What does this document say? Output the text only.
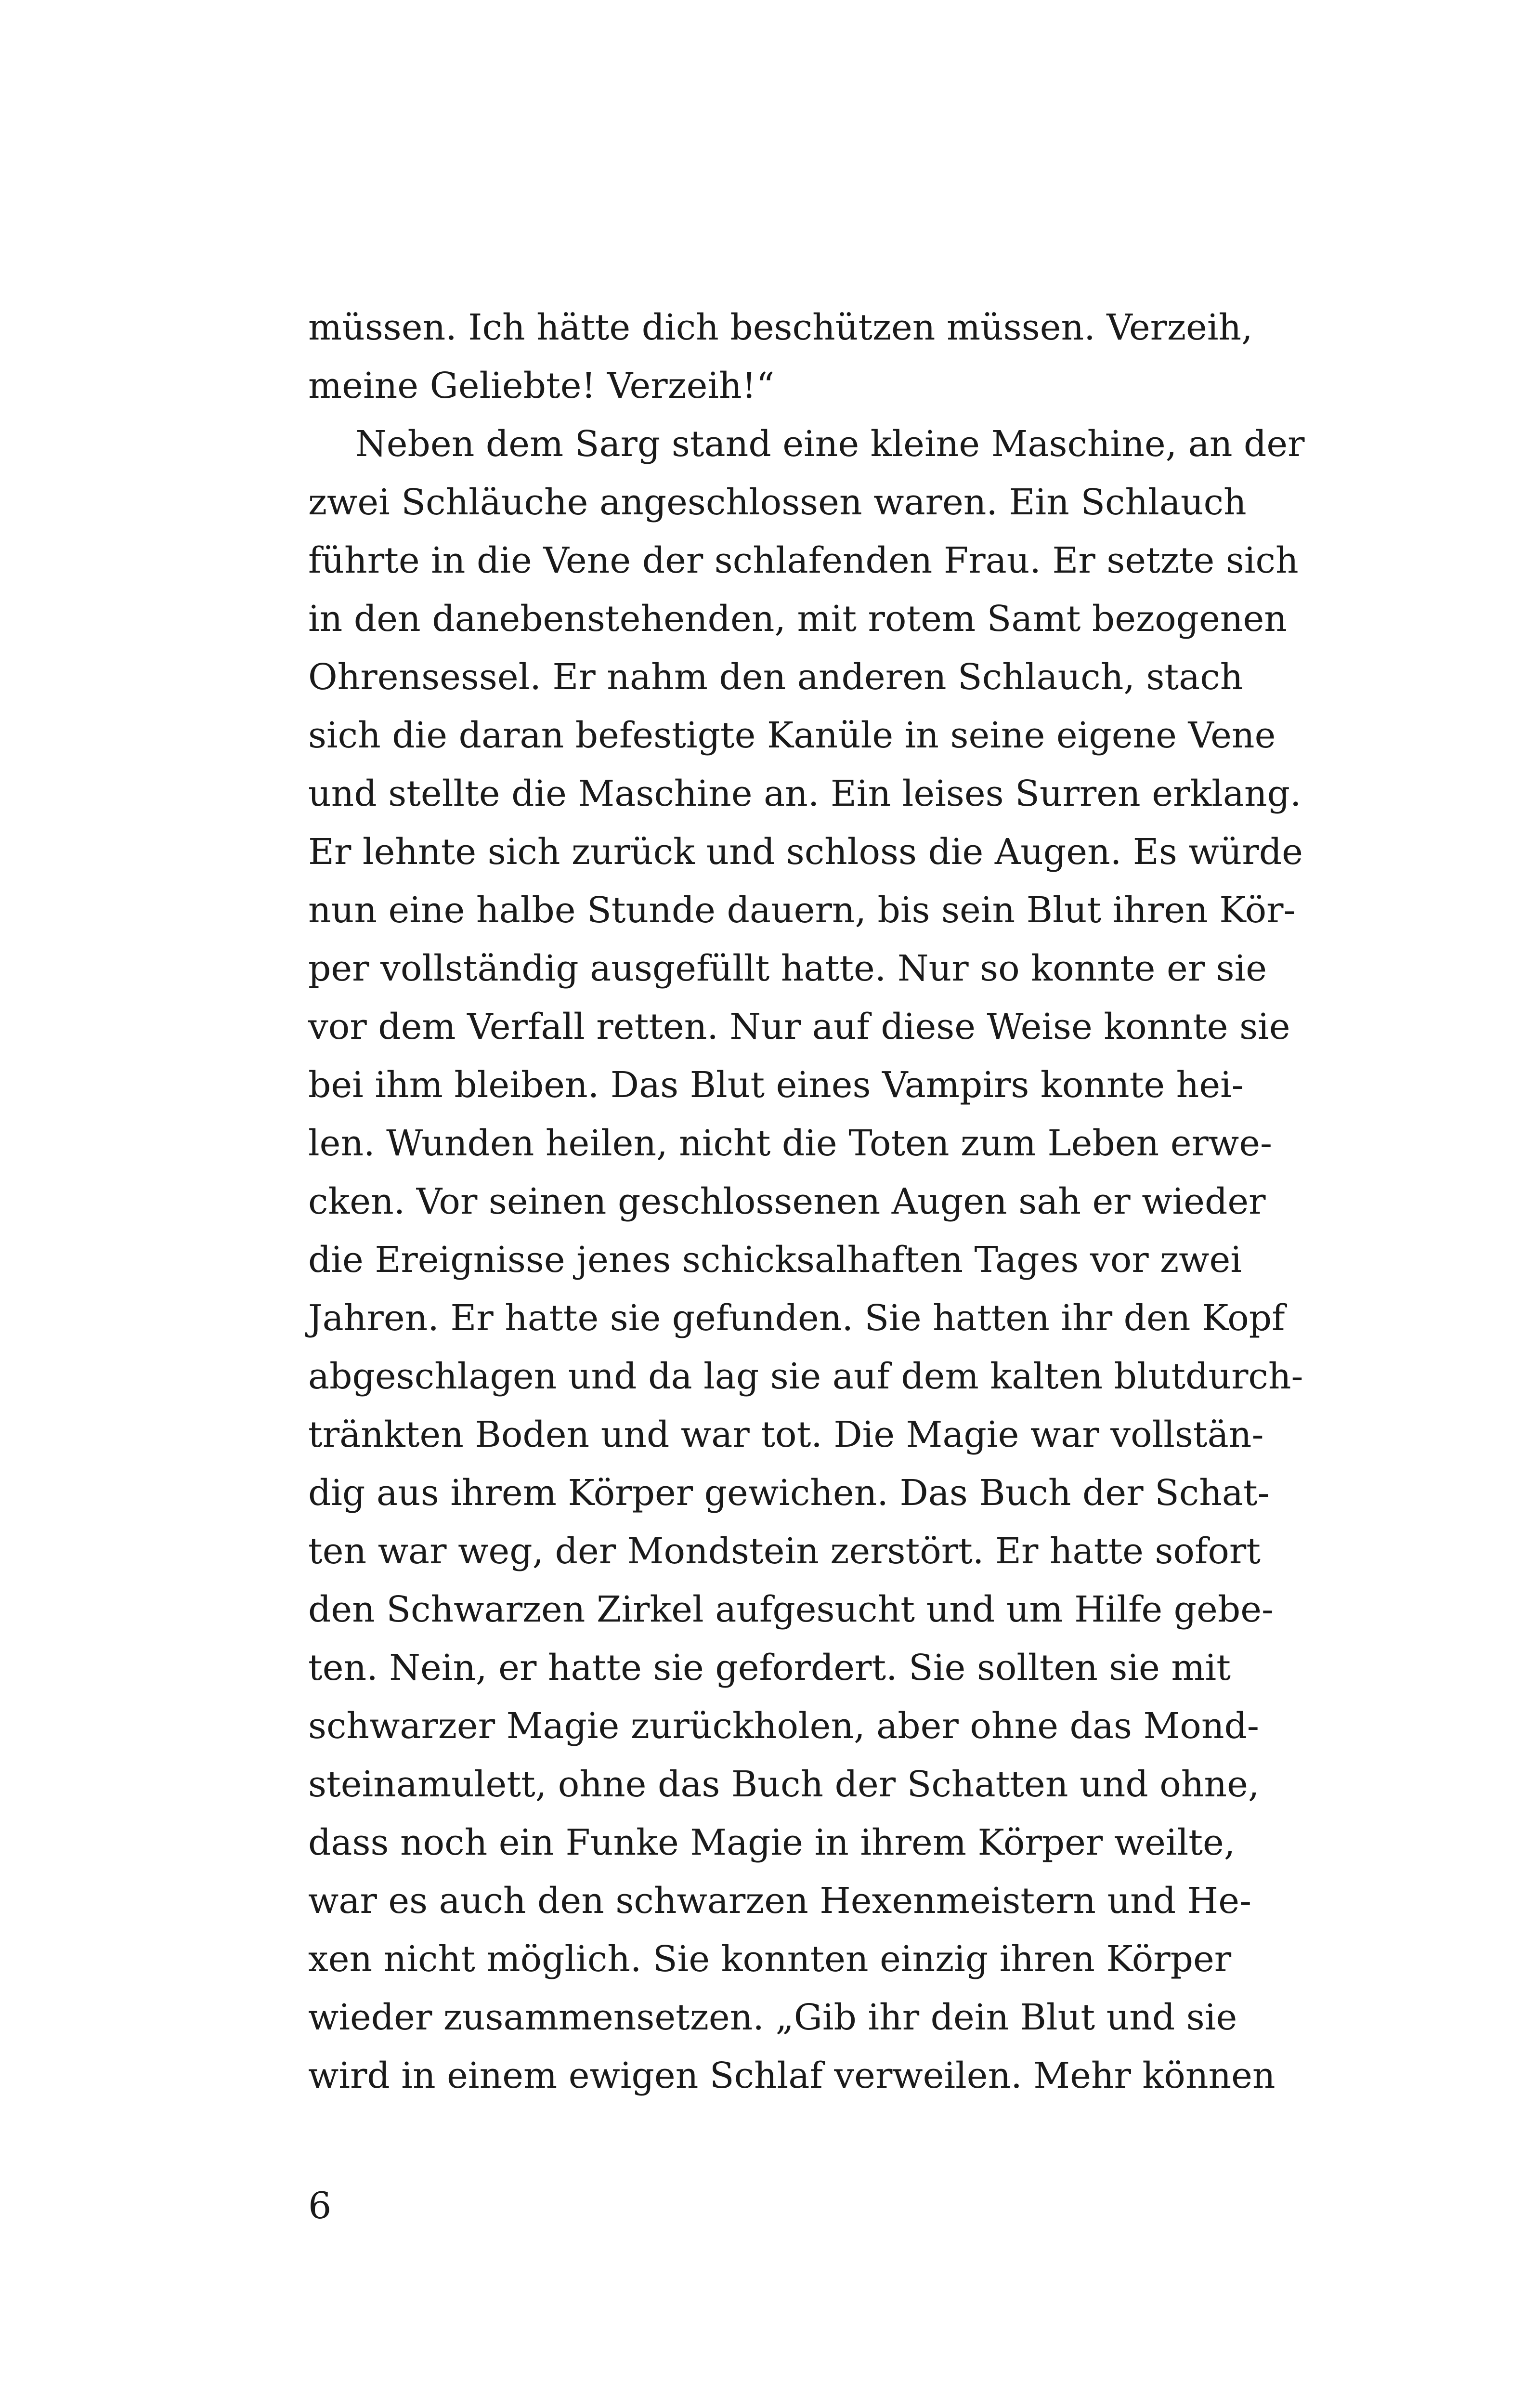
müssen. Ich hätte dich beschützen müssen. Verzeih,
meine Geliebte! Verzeih!“
Neben dem Sarg stand eine kleine Maschine, an der
zwei Schläuche angeschlossen waren. Ein Schlauch
führte in die Vene der schlafenden Frau. Er setzte sich
in den danebenstehenden, mit rotem Samt bezogenen
Ohrensessel. Er nahm den anderen Schlauch, stach
sich die daran befestigte Kanüle in seine eigene Vene
und stellte die Maschine an. Ein leises Surren erklang.
Er lehnte sich zurück und schloss die Augen. Es würde
nun eine halbe Stunde dauern, bis sein Blut ihren Kör-
per vollständig ausgefüllt hatte. Nur so konnte er sie
vor dem Verfall retten. Nur auf diese Weise konnte sie
bei ihm bleiben. Das Blut eines Vampirs konnte hei-
len. Wunden heilen, nicht die Toten zum Leben erwe-
cken. Vor seinen geschlossenen Augen sah er wieder
die Ereignisse jenes schicksalhaften Tages vor zwei
Jahren. Er hatte sie gefunden. Sie hatten ihr den Kopf
abgeschlagen und da lag sie auf dem kalten blutdurch-
tränkten Boden und war tot. Die Magie war vollstän-
dig aus ihrem Körper gewichen. Das Buch der Schat-
ten war weg, der Mondstein zerstört. Er hatte sofort
den Schwarzen Zirkel aufgesucht und um Hilfe gebe-
ten. Nein, er hatte sie gefordert. Sie sollten sie mit
schwarzer Magie zurückholen, aber ohne das Mond-
steinamulett, ohne das Buch der Schatten und ohne,
dass noch ein Funke Magie in ihrem Körper weilte,
war es auch den schwarzen Hexenmeistern und He-
xen nicht möglich. Sie konnten einzig ihren Körper
wieder zusammensetzen. „Gib ihr dein Blut und sie
wird in einem ewigen Schlaf verweilen. Mehr können
6
